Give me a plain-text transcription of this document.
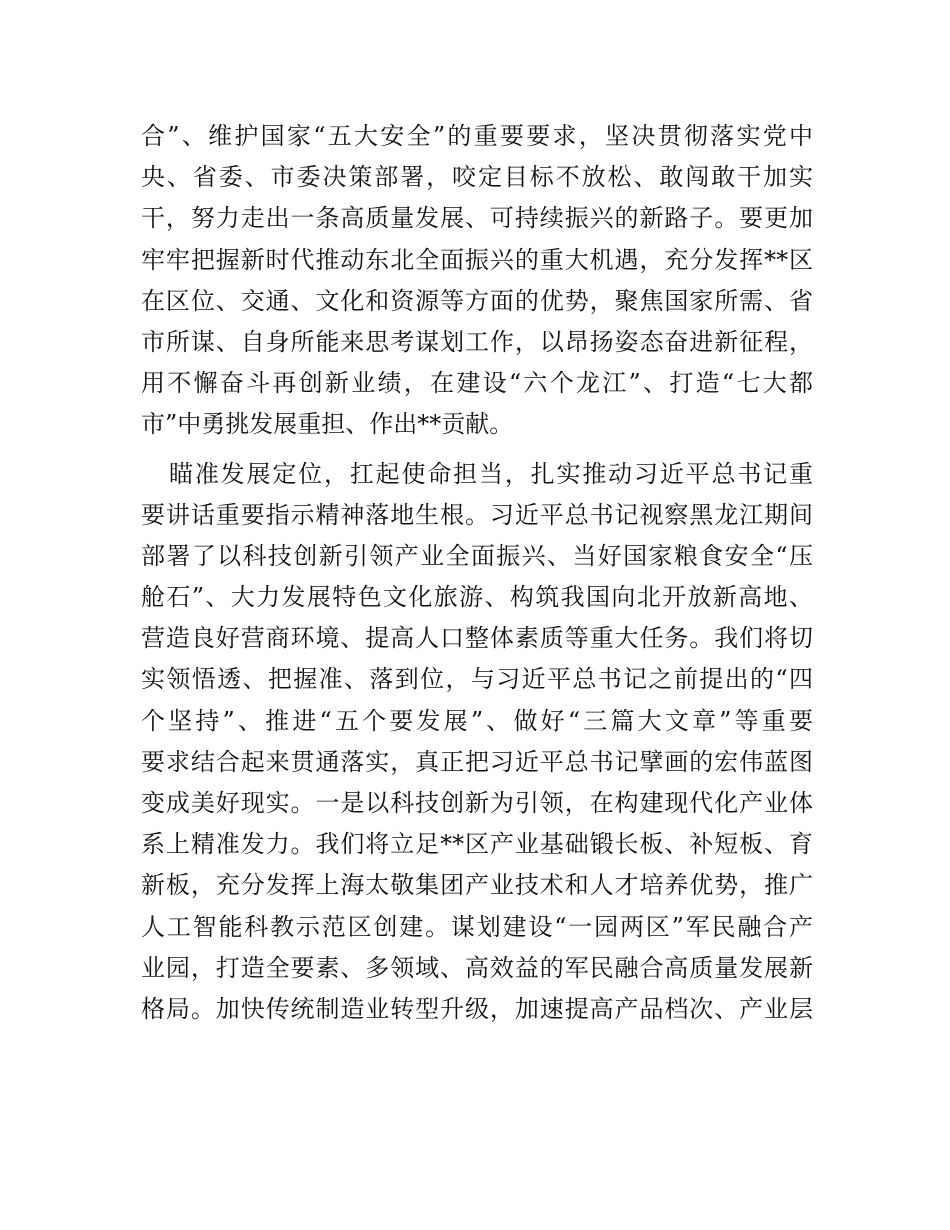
合”、维护国家“五大安全”的重要要求，坚决贯彻落实党中
央、省委、市委决策部署，咬定目标不放松、敢闯敢干加实
干，努力走出一条高质量发展、可持续振兴的新路子。要更加
牢牢把握新时代推动东北全面振兴的重大机遇，充分发挥**区
在区位、交通、文化和资源等方面的优势，聚焦国家所需、省
市所谋、自身所能来思考谋划工作，以昂扬姿态奋进新征程，
用不懈奋斗再创新业绩，在建设“六个龙江”、打造“七大都
市”中勇挑发展重担、作出**贡献。
瞄准发展定位，扛起使命担当，扎实推动习近平总书记重
要讲话重要指示精神落地生根。习近平总书记视察黑龙江期间
部署了以科技创新引领产业全面振兴、当好国家粮食安全“压
舱石”、大力发展特色文化旅游、构筑我国向北开放新高地、
营造良好营商环境、提高人口整体素质等重大任务。我们将切
实领悟透、把握准、落到位，与习近平总书记之前提出的“四
个坚持”、推进“五个要发展”、做好“三篇大文章”等重要
要求结合起来贯通落实，真正把习近平总书记擘画的宏伟蓝图
变成美好现实。一是以科技创新为引领，在构建现代化产业体
系上精准发力。我们将立足**区产业基础锻长板、补短板、育
新板，充分发挥上海太敬集团产业技术和人才培养优势，推广
人工智能科教示范区创建。谋划建设“一园两区”军民融合产
业园，打造全要素、多领域、高效益的军民融合高质量发展新
格局。加快传统制造业转型升级，加速提高产品档次、产业层
